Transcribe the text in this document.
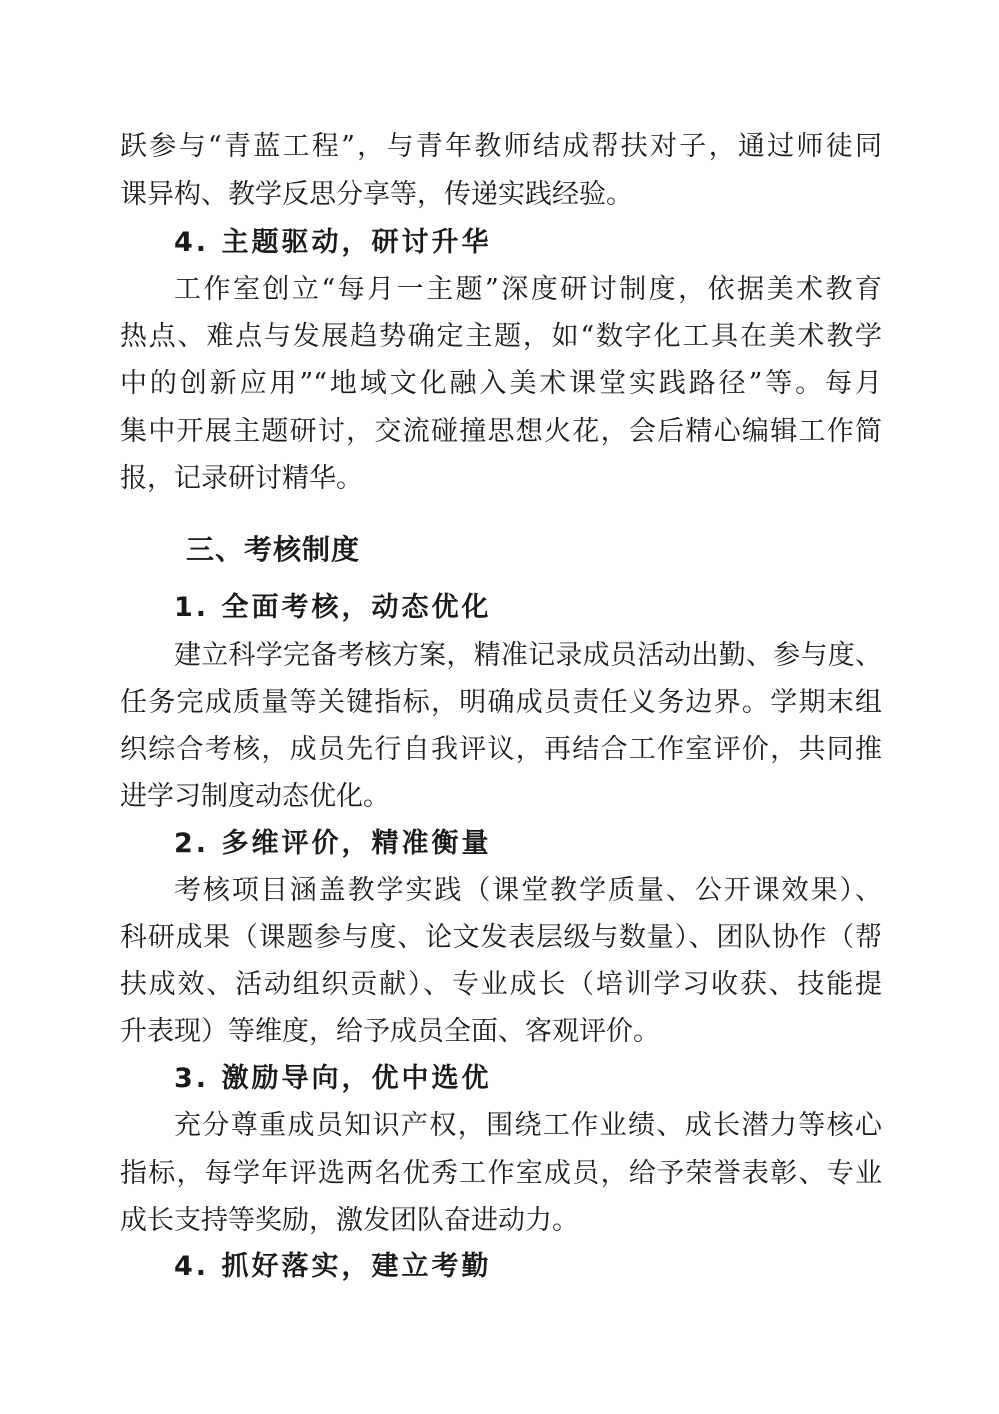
跃参与“青蓝工程”，与青年教师结成帮扶对子，通过师徒同
课异构、教学反思分享等，传递实践经验。
4. 主题驱动，研讨升华
工作室创立“每月一主题”深度研讨制度，依据美术教育
热点、难点与发展趋势确定主题，如“数字化工具在美术教学
中的创新应用”“地域文化融入美术课堂实践路径”等。每月
集中开展主题研讨，交流碰撞思想火花，会后精心编辑工作简
报，记录研讨精华。
三、考核制度
1. 全面考核，动态优化
建立科学完备考核方案，精准记录成员活动出勤、参与度、
任务完成质量等关键指标，明确成员责任义务边界。学期末组
织综合考核，成员先行自我评议，再结合工作室评价，共同推
进学习制度动态优化。
2. 多维评价，精准衡量
考核项目涵盖教学实践（课堂教学质量、公开课效果）、
科研成果（课题参与度、论文发表层级与数量）、团队协作（帮
扶成效、活动组织贡献）、专业成长（培训学习收获、技能提
升表现）等维度，给予成员全面、客观评价。
3. 激励导向，优中选优
充分尊重成员知识产权，围绕工作业绩、成长潜力等核心
指标，每学年评选两名优秀工作室成员，给予荣誉表彰、专业
成长支持等奖励，激发团队奋进动力。
4. 抓好落实，建立考勤
